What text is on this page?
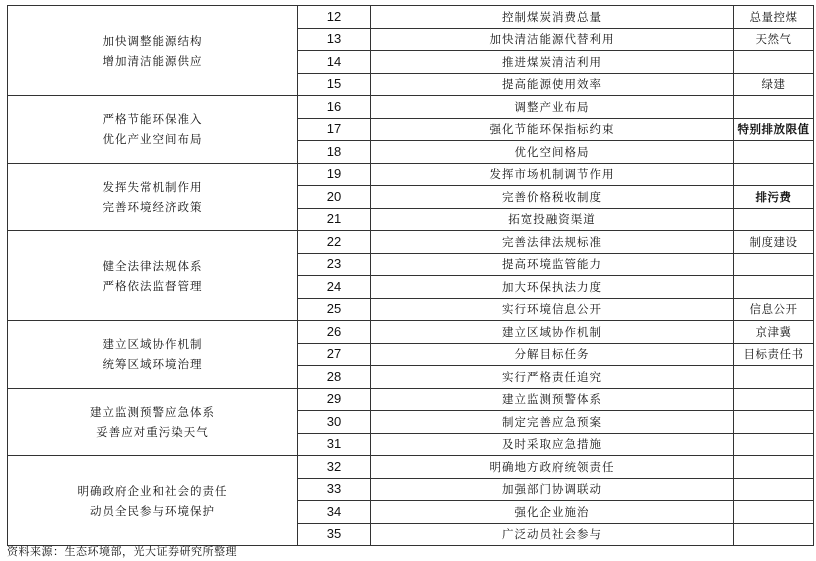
加快调整能源结构
增加清洁能源供应	12	控制煤炭消费总量	总量控煤
	13	加快清洁能源代替利用	天然气
	14	推进煤炭清洁利用	
	15	提高能源使用效率	绿建

严格节能环保准入
优化产业空间布局	16	调整产业布局	
	17	强化节能环保指标约束	特别排放限值
	18	优化空间格局	

发挥失常机制作用
完善环境经济政策	19	发挥市场机制调节作用	
	20	完善价格税收制度	排污费
	21	拓宽投融资渠道	

健全法律法规体系
严格依法监督管理	22	完善法律法规标准	制度建设
	23	提高环境监管能力	
	24	加大环保执法力度	
	25	实行环境信息公开	信息公开

建立区域协作机制
统筹区域环境治理	26	建立区域协作机制	京津冀
	27	分解目标任务	目标责任书
	28	实行严格责任追究	

建立监测预警应急体系
妥善应对重污染天气	29	建立监测预警体系	
	30	制定完善应急预案	
	31	及时采取应急措施	

明确政府企业和社会的责任
动员全民参与环境保护	32	明确地方政府统领责任	
	33	加强部门协调联动	
	34	强化企业施治	
	35	广泛动员社会参与	
资料来源：生态环境部，光大证券研究所整理
